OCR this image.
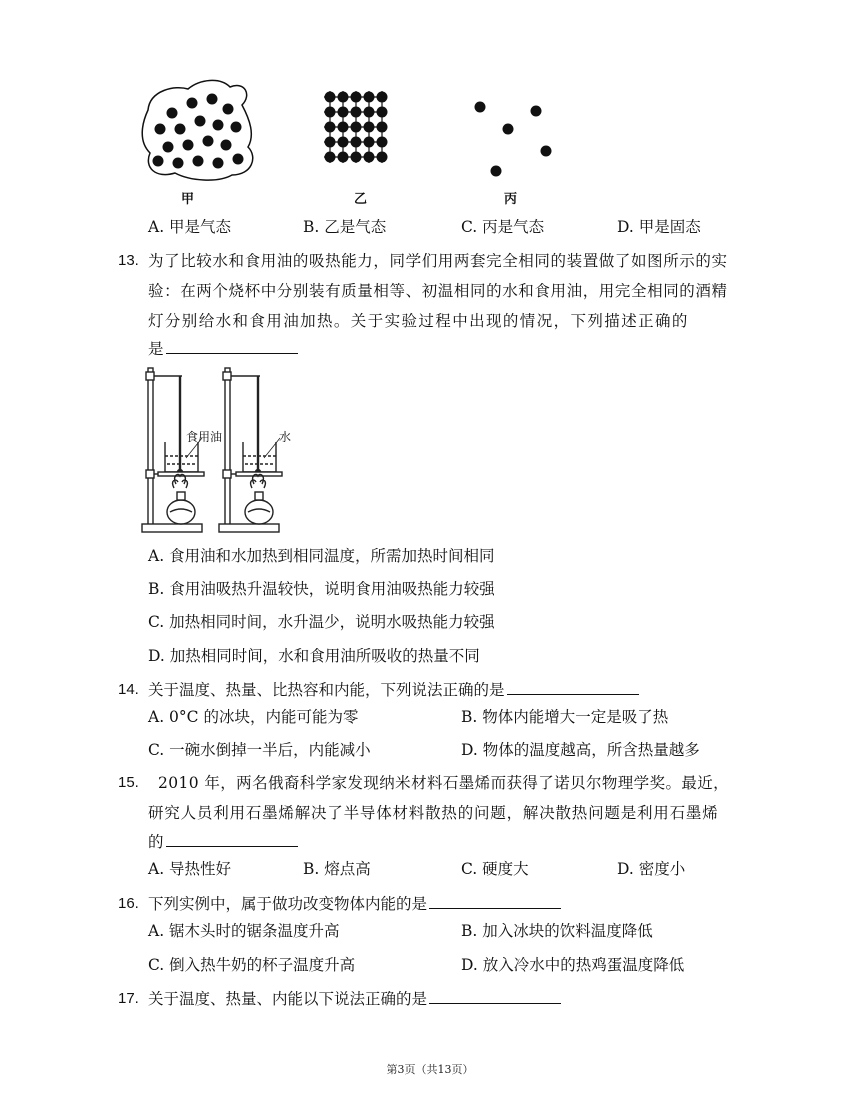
甲	乙	丙
A. 甲是气态	B. 乙是气态	C. 丙是气态	D. 甲是固态
13. 为了比较水和食用油的吸热能力，同学们用两套完全相同的装置做了如图所示的实
验：在两个烧杯中分别装有质量相等、初温相同的水和食用油，用完全相同的酒精
灯分别给水和食用油加热。关于实验过程中出现的情况，下列描述正确的
是
食用油	水
A. 食用油和水加热到相同温度，所需加热时间相同
B. 食用油吸热升温较快，说明食用油吸热能力较强
C. 加热相同时间，水升温少，说明水吸热能力较强
D. 加热相同时间，水和食用油所吸收的热量不同
14. 关于温度、热量、比热容和内能，下列说法正确的是
A. 0°C 的冰块，内能可能为零	B. 物体内能增大一定是吸了热
C. 一碗水倒掉一半后，内能减小	D. 物体的温度越高，所含热量越多
15. 2010 年，两名俄裔科学家发现纳米材料石墨烯而获得了诺贝尔物理学奖。最近，
研究人员利用石墨烯解决了半导体材料散热的问题，解决散热问题是利用石墨烯
的
A. 导热性好	B. 熔点高	C. 硬度大	D. 密度小
16. 下列实例中，属于做功改变物体内能的是
A. 锯木头时的锯条温度升高	B. 加入冰块的饮料温度降低
C. 倒入热牛奶的杯子温度升高	D. 放入冷水中的热鸡蛋温度降低
17. 关于温度、热量、内能以下说法正确的是
第3页（共13页）
